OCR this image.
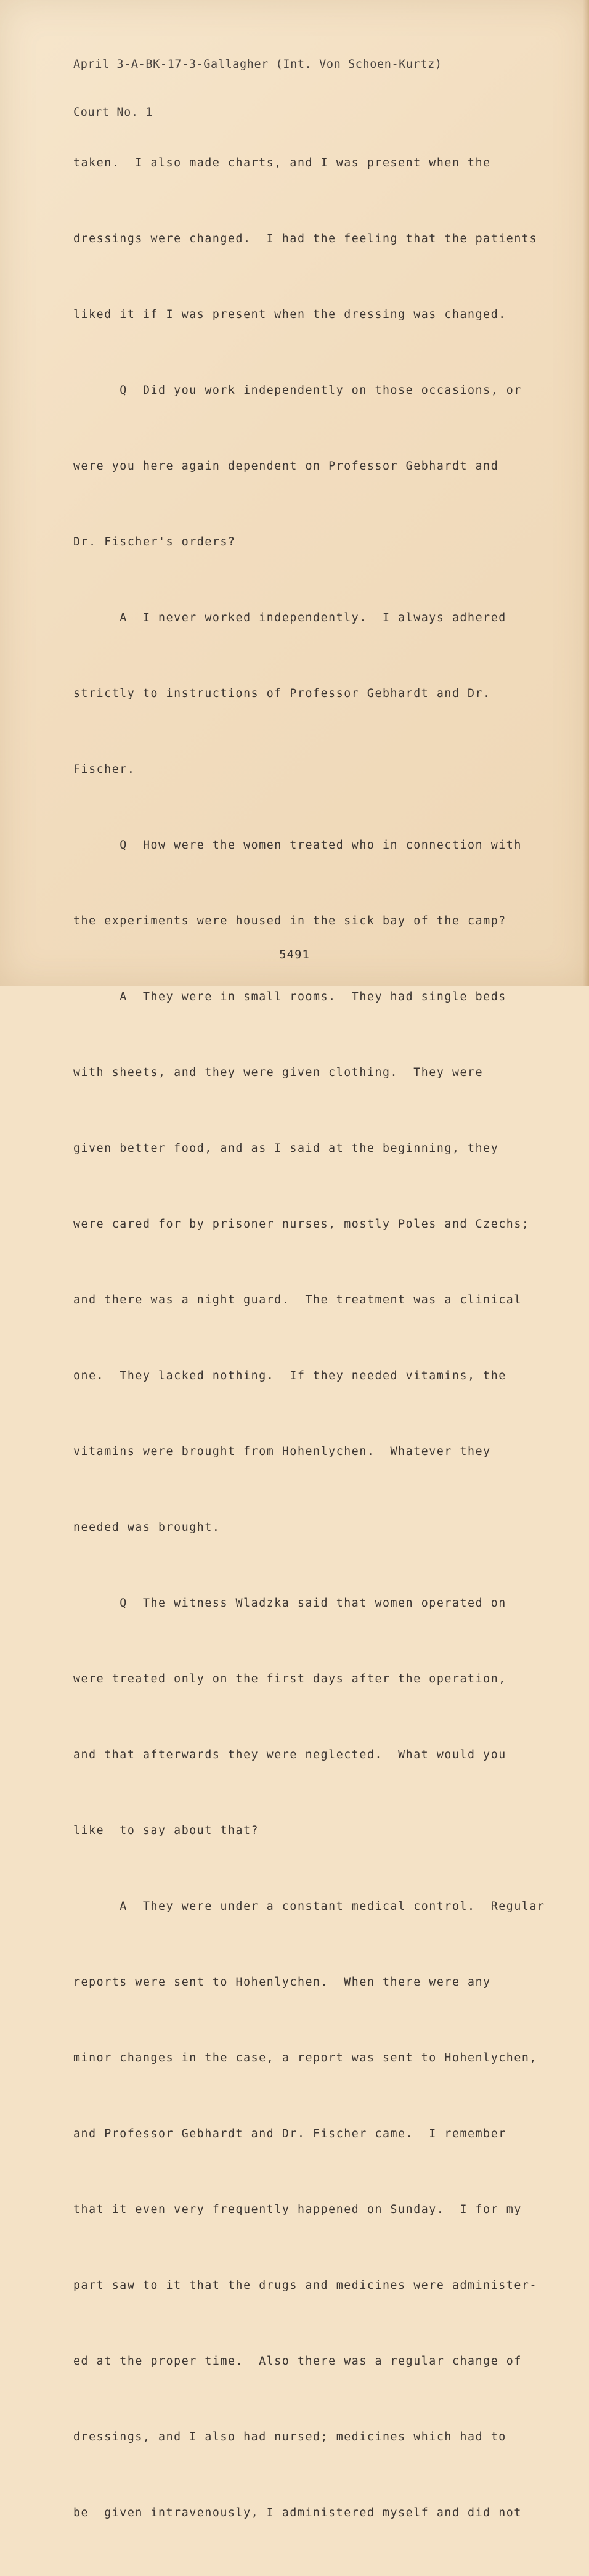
April 3-A-BK-17-3-Gallagher (Int. Von Schoen-Kurtz)

Court No. 1

taken.  I also made charts, and I was present when the

dressings were changed.  I had the feeling that the patients

liked it if I was present when the dressing was changed.

Q  Did you work independently on those occasions, or

were you here again dependent on Professor Gebhardt and

Dr. Fischer's orders?

A  I never worked independently.  I always adhered

strictly to instructions of Professor Gebhardt and Dr.

Fischer.

Q  How were the women treated who in connection with

the experiments were housed in the sick bay of the camp?

A  They were in small rooms.  They had single beds

with sheets, and they were given clothing.  They were

given better food, and as I said at the beginning, they

were cared for by prisoner nurses, mostly Poles and Czechs;

and there was a night guard.  The treatment was a clinical

one.  They lacked nothing.  If they needed vitamins, the

vitamins were brought from Hohenlychen.  Whatever they

needed was brought.

Q  The witness Wladzka said that women operated on

were treated only on the first days after the operation,

and that afterwards they were neglected.  What would you

like  to say about that?

A  They were under a constant medical control.  Regular

reports were sent to Hohenlychen.  When there were any

minor changes in the case, a report was sent to Hohenlychen,

and Professor Gebhardt and Dr. Fischer came.  I remember

that it even very frequently happened on Sunday.  I for my

part saw to it that the drugs and medicines were administer-

ed at the proper time.  Also there was a regular change of

dressings, and I also had nursed; medicines which had to

be  given intravenously, I administered myself and did not

5491
